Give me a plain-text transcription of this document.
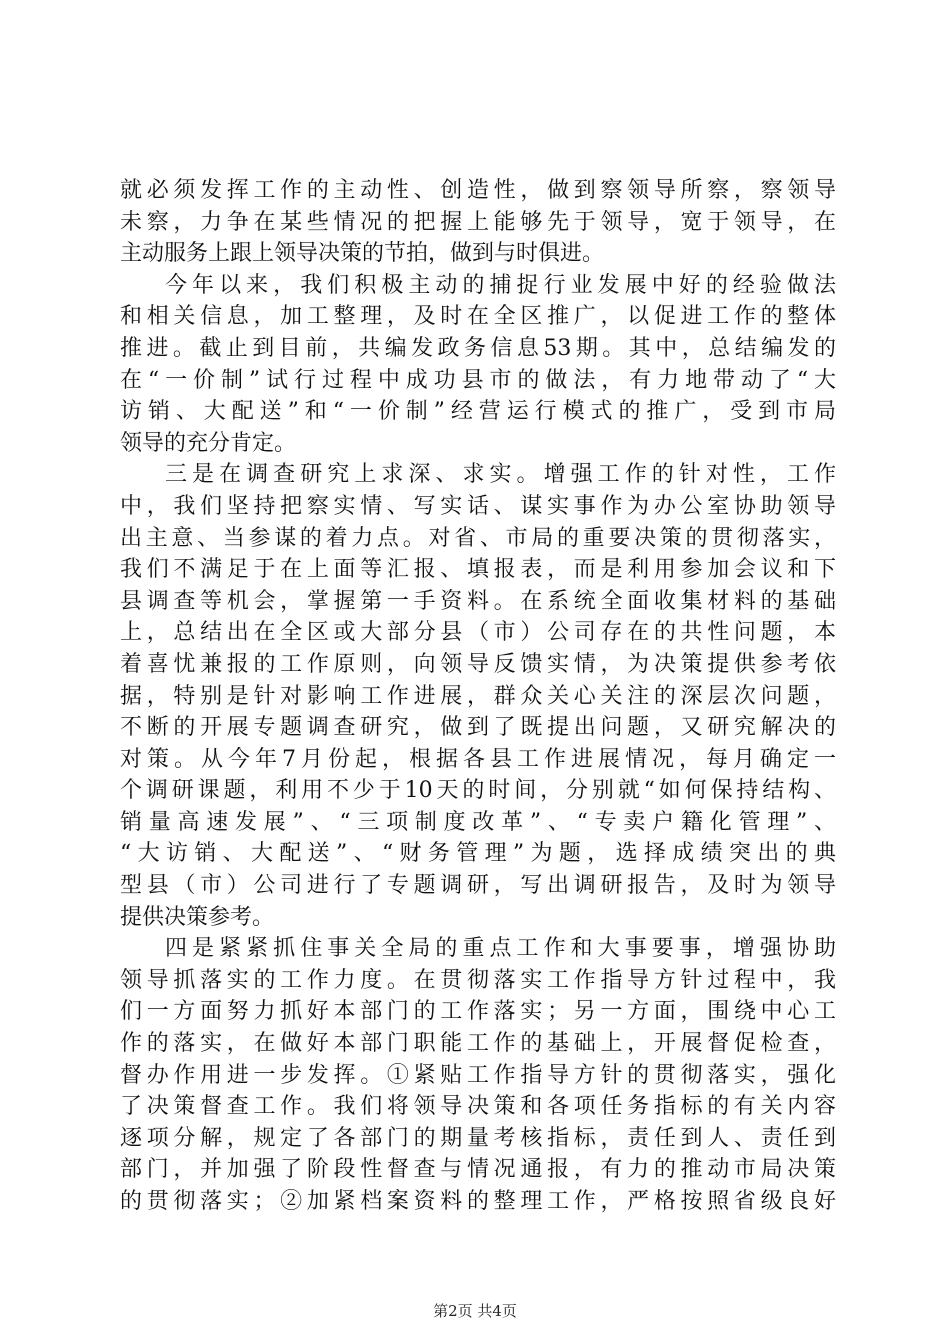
就必须发挥工作的主动性、创造性，做到察领导所察，察领导
未察，力争在某些情况的把握上能够先于领导，宽于领导，在
主动服务上跟上领导决策的节拍，做到与时俱进。
今年以来，我们积极主动的捕捉行业发展中好的经验做法
和相关信息，加工整理，及时在全区推广，以促进工作的整体
推进。截止到目前，共编发政务信息53期。其中，总结编发的
在“一价制”试行过程中成功县市的做法，有力地带动了“大
访销、大配送”和“一价制”经营运行模式的推广，受到市局
领导的充分肯定。
三是在调查研究上求深、求实。增强工作的针对性，工作
中，我们坚持把察实情、写实话、谋实事作为办公室协助领导
出主意、当参谋的着力点。对省、市局的重要决策的贯彻落实，
我们不满足于在上面等汇报、填报表，而是利用参加会议和下
县调查等机会，掌握第一手资料。在系统全面收集材料的基础
上，总结出在全区或大部分县（市）公司存在的共性问题，本
着喜忧兼报的工作原则，向领导反馈实情，为决策提供参考依
据，特别是针对影响工作进展，群众关心关注的深层次问题，
不断的开展专题调查研究，做到了既提出问题，又研究解决的
对策。从今年7月份起，根据各县工作进展情况，每月确定一
个调研课题，利用不少于10天的时间，分别就“如何保持结构、
销量高速发展”、“三项制度改革”、“专卖户籍化管理”、
“大访销、大配送”、“财务管理”为题，选择成绩突出的典
型县（市）公司进行了专题调研，写出调研报告，及时为领导
提供决策参考。
四是紧紧抓住事关全局的重点工作和大事要事，增强协助
领导抓落实的工作力度。在贯彻落实工作指导方针过程中，我
们一方面努力抓好本部门的工作落实；另一方面，围绕中心工
作的落实，在做好本部门职能工作的基础上，开展督促检查，
督办作用进一步发挥。①紧贴工作指导方针的贯彻落实，强化
了决策督查工作。我们将领导决策和各项任务指标的有关内容
逐项分解，规定了各部门的期量考核指标，责任到人、责任到
部门，并加强了阶段性督查与情况通报，有力的推动市局决策
的贯彻落实；②加紧档案资料的整理工作，严格按照省级良好
第2页 共4页
